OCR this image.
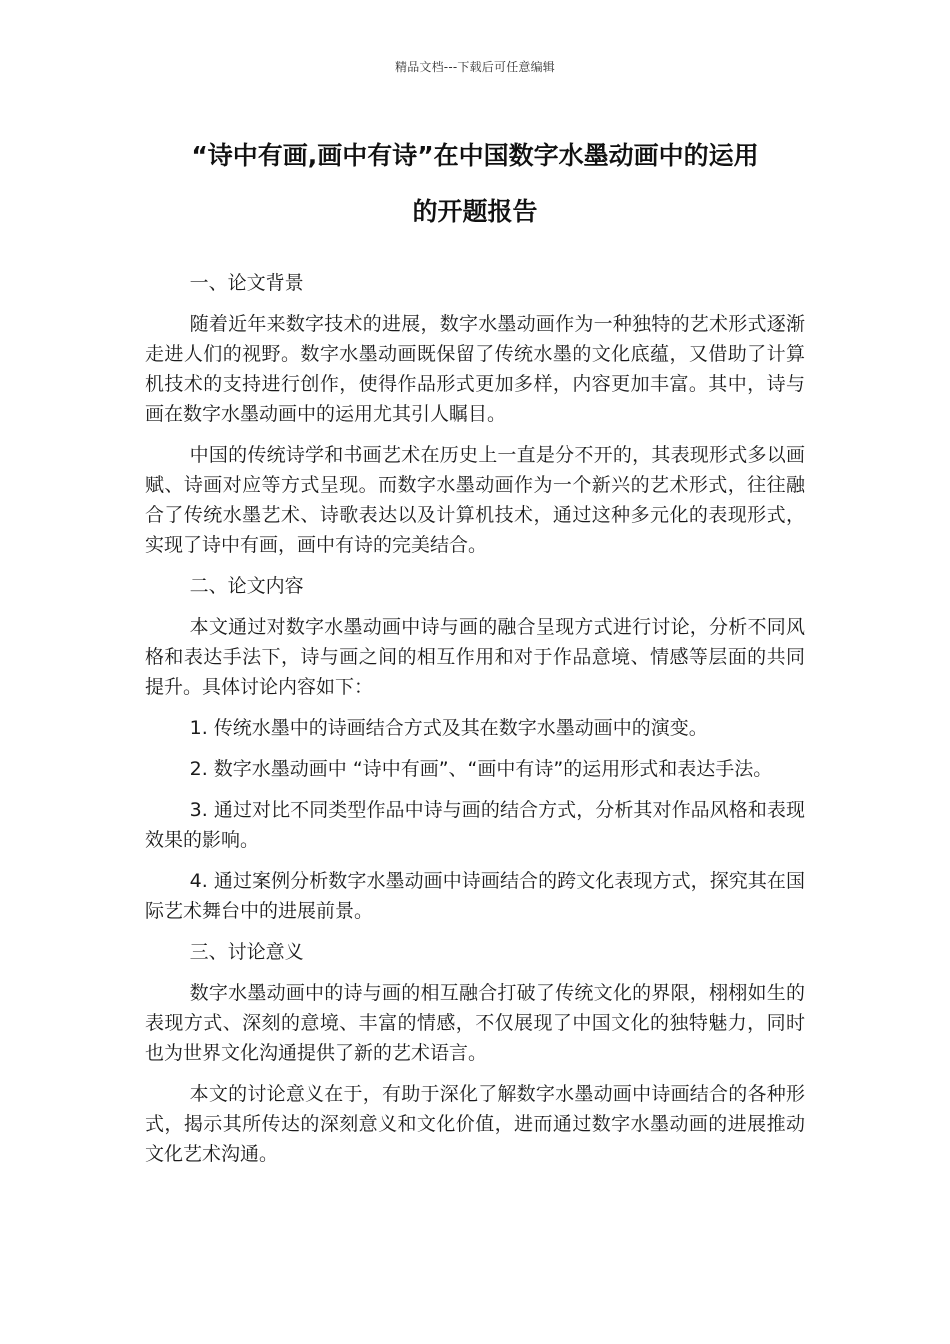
精品文档---下载后可任意编辑
“诗中有画,画中有诗”在中国数字水墨动画中的运用
的开题报告

一、论文背景

随着近年来数字技术的进展，数字水墨动画作为一种独特的艺术形式逐渐走进人们的视野。数字水墨动画既保留了传统水墨的文化底蕴，又借助了计算机技术的支持进行创作，使得作品形式更加多样，内容更加丰富。其中，诗与画在数字水墨动画中的运用尤其引人瞩目。

中国的传统诗学和书画艺术在历史上一直是分不开的，其表现形式多以画赋、诗画对应等方式呈现。而数字水墨动画作为一个新兴的艺术形式，往往融合了传统水墨艺术、诗歌表达以及计算机技术，通过这种多元化的表现形式，实现了诗中有画，画中有诗的完美结合。

二、论文内容

本文通过对数字水墨动画中诗与画的融合呈现方式进行讨论，分析不同风格和表达手法下，诗与画之间的相互作用和对于作品意境、情感等层面的共同提升。具体讨论内容如下：

1. 传统水墨中的诗画结合方式及其在数字水墨动画中的演变。

2. 数字水墨动画中 “诗中有画”、“画中有诗”的运用形式和表达手法。

3. 通过对比不同类型作品中诗与画的结合方式，分析其对作品风格和表现效果的影响。

4. 通过案例分析数字水墨动画中诗画结合的跨文化表现方式，探究其在国际艺术舞台中的进展前景。

三、讨论意义

数字水墨动画中的诗与画的相互融合打破了传统文化的界限，栩栩如生的表现方式、深刻的意境、丰富的情感，不仅展现了中国文化的独特魅力，同时也为世界文化沟通提供了新的艺术语言。

本文的讨论意义在于，有助于深化了解数字水墨动画中诗画结合的各种形式，揭示其所传达的深刻意义和文化价值，进而通过数字水墨动画的进展推动文化艺术沟通。
